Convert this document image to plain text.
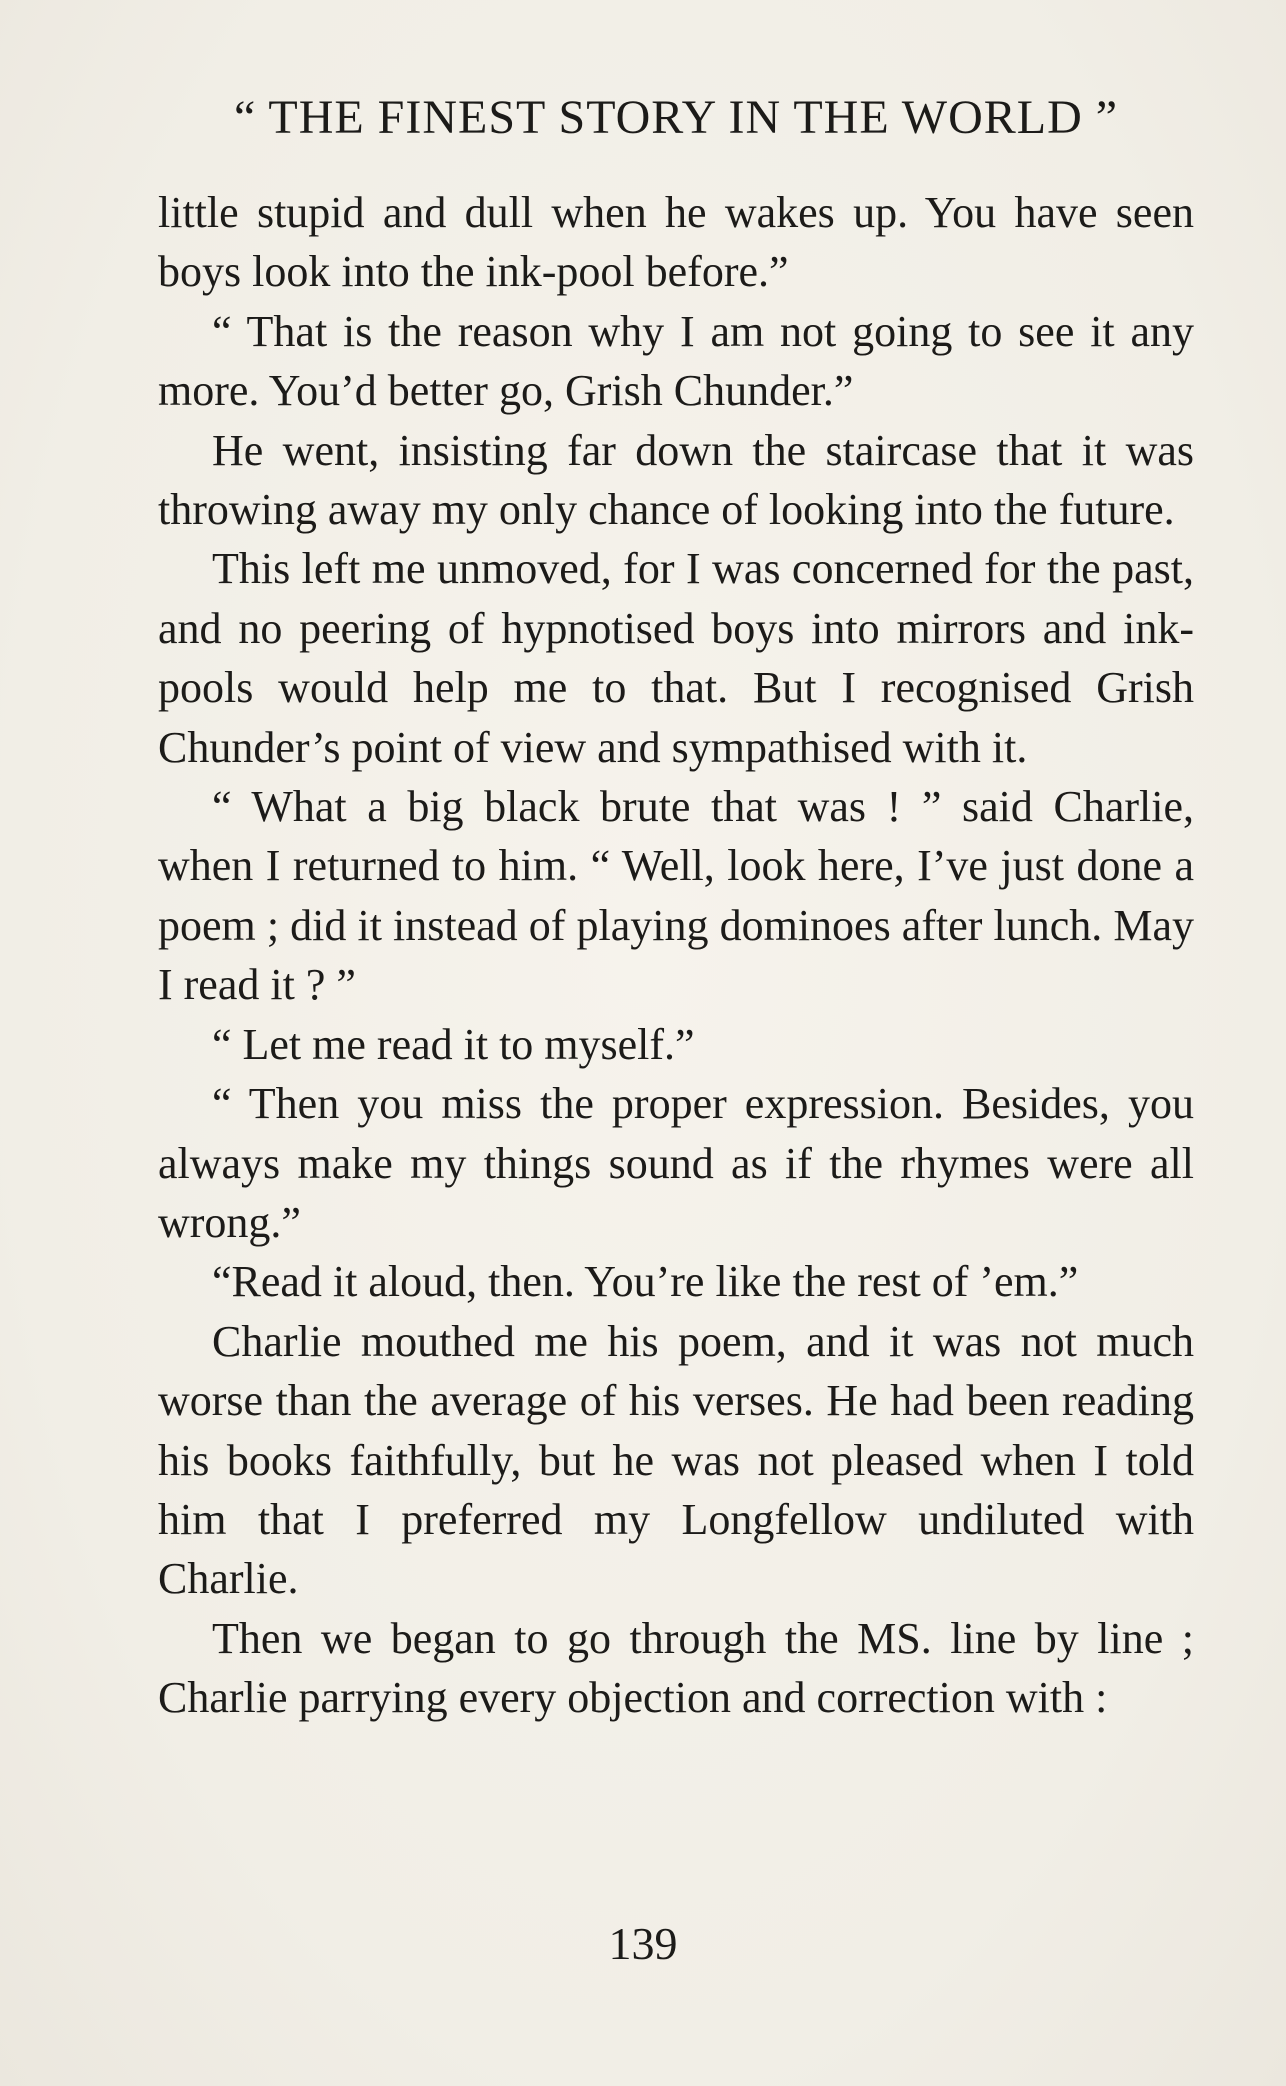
“ THE FINEST STORY IN THE WORLD ”

little stupid and dull when he wakes up. You have seen boys look into the ink-pool before.”

“ That is the reason why I am not going to see it any more. You’d better go, Grish Chunder.”

He went, insisting far down the staircase that it was throwing away my only chance of looking into the future.

This left me unmoved, for I was concerned for the past, and no peering of hypnotised boys into mirrors and ink-pools would help me to that. But I recognised Grish Chunder’s point of view and sympathised with it.

“ What a big black brute that was ! ” said Charlie, when I returned to him. “ Well, look here, I’ve just done a poem ; did it instead of playing dominoes after lunch. May I read it ? ”

“ Let me read it to myself.”

“ Then you miss the proper expression. Besides, you always make my things sound as if the rhymes were all wrong.”

“Read it aloud, then. You’re like the rest of ’em.”

Charlie mouthed me his poem, and it was not much worse than the average of his verses. He had been reading his books faithfully, but he was not pleased when I told him that I preferred my Longfellow undiluted with Charlie.

Then we began to go through the MS. line by line ; Charlie parrying every objection and correction with :

139
